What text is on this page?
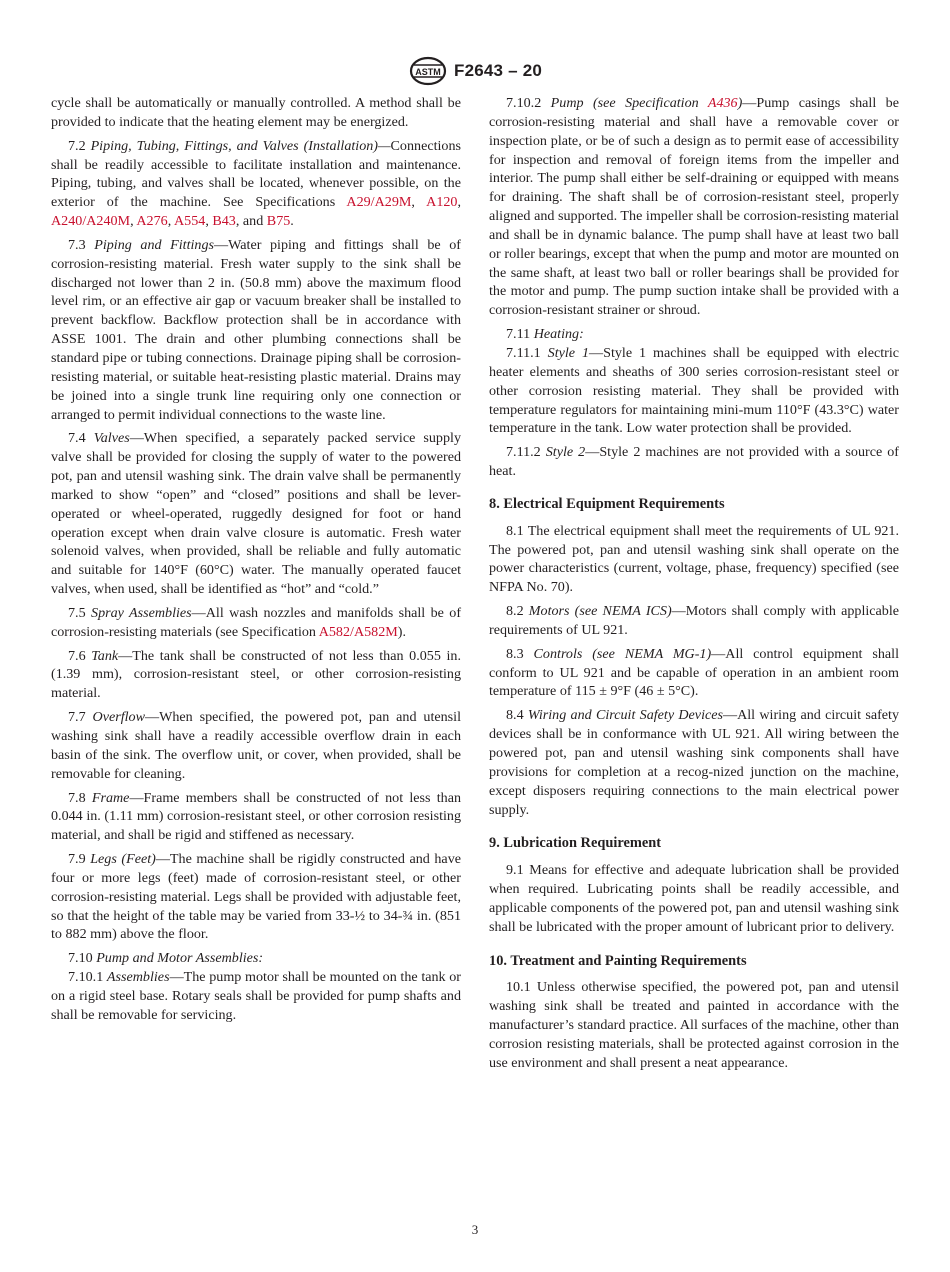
ASTM F2643 – 20

cycle shall be automatically or manually controlled. A method shall be provided to indicate that the heating element may be energized.

7.2 Piping, Tubing, Fittings, and Valves (Installation)—Connections shall be readily accessible to facilitate installation and maintenance. Piping, tubing, and valves shall be located, whenever possible, on the exterior of the machine. See Specifications A29/A29M, A120, A240/A240M, A276, A554, B43, and B75.

7.3 Piping and Fittings—Water piping and fittings shall be of corrosion-resisting material. Fresh water supply to the sink shall be discharged not lower than 2 in. (50.8 mm) above the maximum flood level rim, or an effective air gap or vacuum breaker shall be installed to prevent backflow. Backflow protection shall be in accordance with ASSE 1001. The drain and other plumbing connections shall be standard pipe or tubing connections. Drainage piping shall be corrosion-resisting material, or suitable heat-resisting plastic material. Drains may be joined into a single trunk line requiring only one connection or arranged to permit individual connections to the waste line.

7.4 Valves—When specified, a separately packed service supply valve shall be provided for closing the supply of water to the powered pot, pan and utensil washing sink. The drain valve shall be permanently marked to show “open” and “closed” positions and shall be lever-operated or wheel-operated, ruggedly designed for foot or hand operation except when drain valve closure is automatic. Fresh water solenoid valves, when provided, shall be reliable and fully automatic and suitable for 140°F (60°C) water. The manually operated faucet valves, when used, shall be identified as “hot” and “cold.”

7.5 Spray Assemblies—All wash nozzles and manifolds shall be of corrosion-resisting materials (see Specification A582/A582M).

7.6 Tank—The tank shall be constructed of not less than 0.055 in. (1.39 mm), corrosion-resistant steel, or other corrosion-resisting material.

7.7 Overflow—When specified, the powered pot, pan and utensil washing sink shall have a readily accessible overflow drain in each basin of the sink. The overflow unit, or cover, when provided, shall be removable for cleaning.

7.8 Frame—Frame members shall be constructed of not less than 0.044 in. (1.11 mm) corrosion-resistant steel, or other corrosion resisting material, and shall be rigid and stiffened as necessary.

7.9 Legs (Feet)—The machine shall be rigidly constructed and have four or more legs (feet) made of corrosion-resistant steel, or other corrosion-resisting material. Legs shall be provided with adjustable feet, so that the height of the table may be varied from 33-½ to 34-¾ in. (851 to 882 mm) above the floor.

7.10 Pump and Motor Assemblies:

7.10.1 Assemblies—The pump motor shall be mounted on the tank or on a rigid steel base. Rotary seals shall be provided for pump shafts and shall be removable for servicing.

7.10.2 Pump (see Specification A436)—Pump casings shall be corrosion-resisting material and shall have a removable cover or inspection plate, or be of such a design as to permit ease of accessibility for inspection and removal of foreign items from the impeller and interior. The pump shall either be self-draining or equipped with means for draining. The shaft shall be of corrosion-resistant steel, properly aligned and supported. The impeller shall be corrosion-resisting material and shall be in dynamic balance. The pump shall have at least two ball or roller bearings, except that when the pump and motor are mounted on the same shaft, at least two ball or roller bearings shall be provided for the motor and pump. The pump suction intake shall be provided with a corrosion-resistant strainer or shroud.

7.11 Heating:

7.11.1 Style 1—Style 1 machines shall be equipped with electric heater elements and sheaths of 300 series corrosion-resistant steel or other corrosion resisting material. They shall be provided with temperature regulators for maintaining mini-mum 110°F (43.3°C) water temperature in the tank. Low water protection shall be provided.

7.11.2 Style 2—Style 2 machines are not provided with a source of heat.

8. Electrical Equipment Requirements

8.1 The electrical equipment shall meet the requirements of UL 921. The powered pot, pan and utensil washing sink shall operate on the power characteristics (current, voltage, phase, frequency) specified (see NFPA No. 70).

8.2 Motors (see NEMA ICS)—Motors shall comply with applicable requirements of UL 921.

8.3 Controls (see NEMA MG-1)—All control equipment shall conform to UL 921 and be capable of operation in an ambient room temperature of 115 ± 9°F (46 ± 5°C).

8.4 Wiring and Circuit Safety Devices—All wiring and circuit safety devices shall be in conformance with UL 921. All wiring between the powered pot, pan and utensil washing sink components shall have provisions for completion at a recog-nized junction on the machine, except disposers requiring connections to the main electrical power supply.

9. Lubrication Requirement

9.1 Means for effective and adequate lubrication shall be provided when required. Lubricating points shall be readily accessible, and applicable components of the powered pot, pan and utensil washing sink shall be lubricated with the proper amount of lubricant prior to delivery.

10. Treatment and Painting Requirements

10.1 Unless otherwise specified, the powered pot, pan and utensil washing sink shall be treated and painted in accordance with the manufacturer’s standard practice. All surfaces of the machine, other than corrosion resisting materials, shall be protected against corrosion in the use environment and shall present a neat appearance.

3
